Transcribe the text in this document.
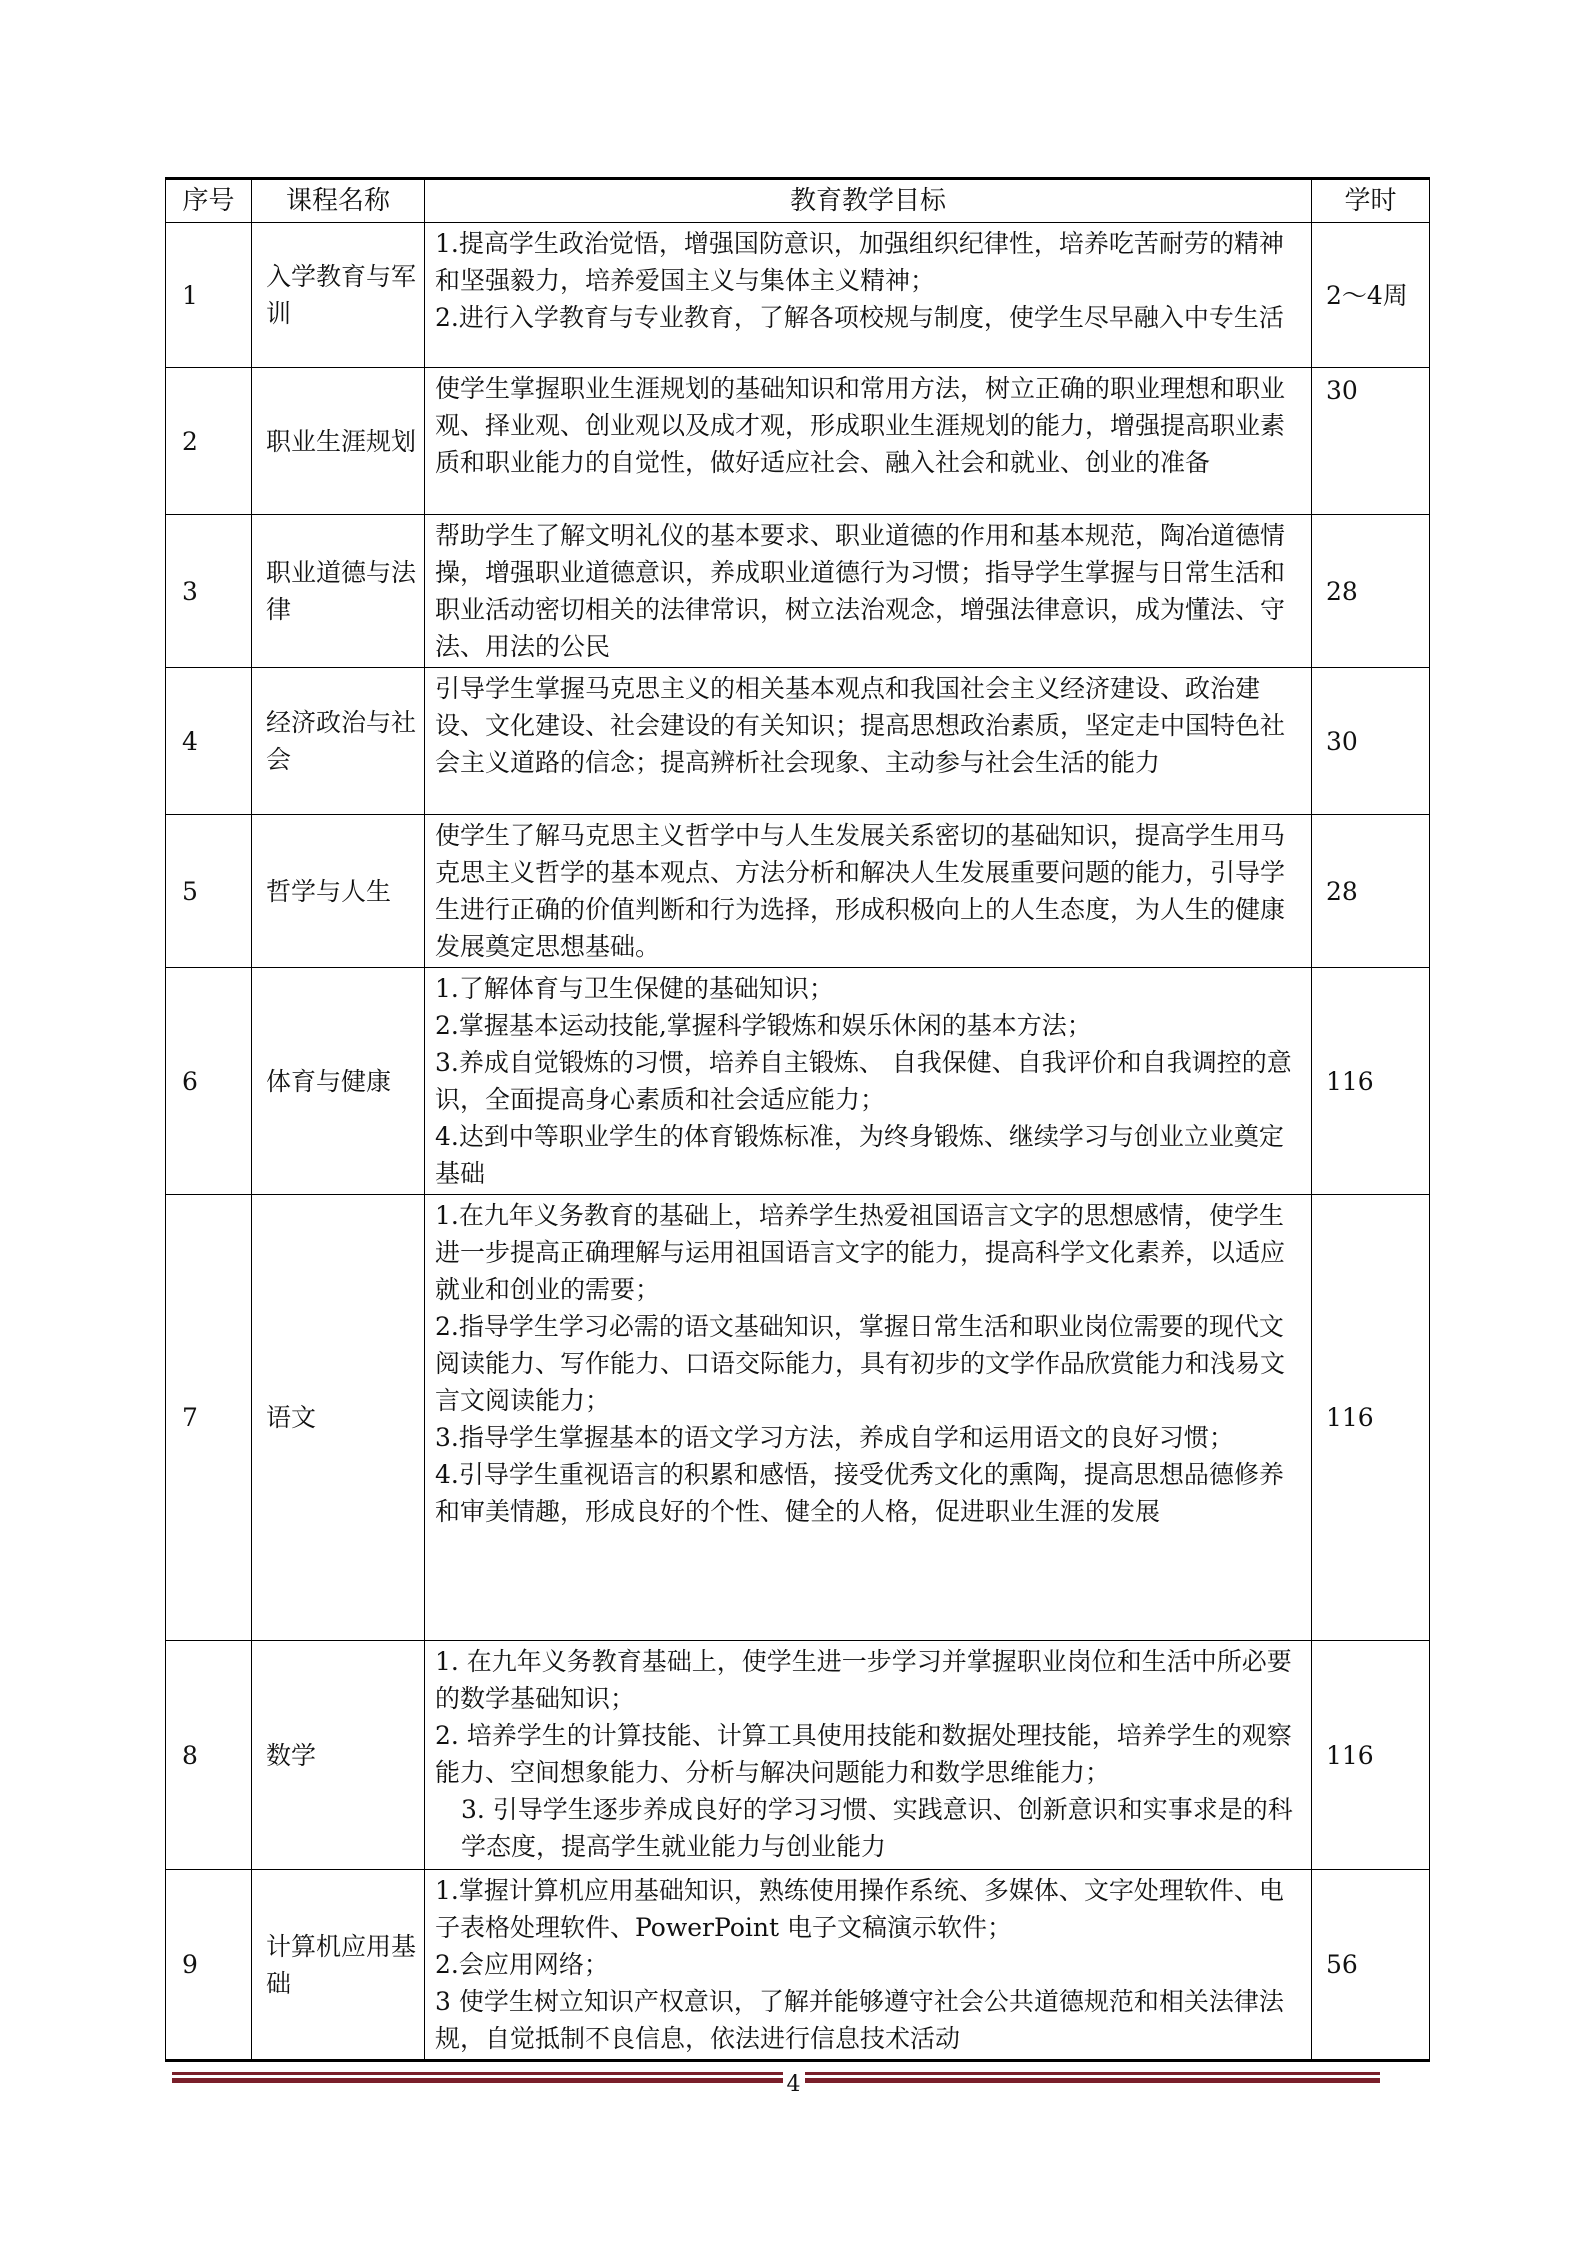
序号	课程名称	教育教学目标	学时
1	入学教育与军训	1.提高学生政治觉悟，增强国防意识，加强组织纪律性，培养吃苦耐劳的精神和坚强毅力，培养爱国主义与集体主义精神；
2.进行入学教育与专业教育，了解各项校规与制度，使学生尽早融入中专生活	2～4周
2	职业生涯规划	使学生掌握职业生涯规划的基础知识和常用方法，树立正确的职业理想和职业观、择业观、创业观以及成才观，形成职业生涯规划的能力，增强提高职业素质和职业能力的自觉性，做好适应社会、融入社会和就业、创业的准备	30
3	职业道德与法律	帮助学生了解文明礼仪的基本要求、职业道德的作用和基本规范，陶冶道德情操，增强职业道德意识，养成职业道德行为习惯；指导学生掌握与日常生活和职业活动密切相关的法律常识，树立法治观念，增强法律意识，成为懂法、守法、用法的公民	28
4	经济政治与社会	引导学生掌握马克思主义的相关基本观点和我国社会主义经济建设、政治建设、文化建设、社会建设的有关知识；提高思想政治素质，坚定走中国特色社会主义道路的信念；提高辨析社会现象、主动参与社会生活的能力	30
5	哲学与人生	使学生了解马克思主义哲学中与人生发展关系密切的基础知识，提高学生用马克思主义哲学的基本观点、方法分析和解决人生发展重要问题的能力，引导学生进行正确的价值判断和行为选择，形成积极向上的人生态度，为人生的健康发展奠定思想基础。	28
6	体育与健康	1.了解体育与卫生保健的基础知识；
2.掌握基本运动技能,掌握科学锻炼和娱乐休闲的基本方法；
3.养成自觉锻炼的习惯，培养自主锻炼、 自我保健、自我评价和自我调控的意识，全面提高身心素质和社会适应能力；
4.达到中等职业学生的体育锻炼标准，为终身锻炼、继续学习与创业立业奠定基础	116
7	语文	1.在九年义务教育的基础上，培养学生热爱祖国语言文字的思想感情，使学生进一步提高正确理解与运用祖国语言文字的能力，提高科学文化素养，以适应就业和创业的需要；
2.指导学生学习必需的语文基础知识，掌握日常生活和职业岗位需要的现代文阅读能力、写作能力、口语交际能力，具有初步的文学作品欣赏能力和浅易文言文阅读能力；
3.指导学生掌握基本的语文学习方法，养成自学和运用语文的良好习惯；
4.引导学生重视语言的积累和感悟，接受优秀文化的熏陶，提高思想品德修养和审美情趣，形成良好的个性、健全的人格，促进职业生涯的发展	116
8	数学	1. 在九年义务教育基础上，使学生进一步学习并掌握职业岗位和生活中所必要的数学基础知识；
2. 培养学生的计算技能、计算工具使用技能和数据处理技能，培养学生的观察能力、空间想象能力、分析与解决问题能力和数学思维能力；
3. 引导学生逐步养成良好的学习习惯、实践意识、创新意识和实事求是的科学态度，提高学生就业能力与创业能力	116
9	计算机应用基础	1.掌握计算机应用基础知识，熟练使用操作系统、多媒体、文字处理软件、电子表格处理软件、PowerPoint 电子文稿演示软件；
2.会应用网络；
3 使学生树立知识产权意识，了解并能够遵守社会公共道德规范和相关法律法规，自觉抵制不良信息，依法进行信息技术活动	56
4
